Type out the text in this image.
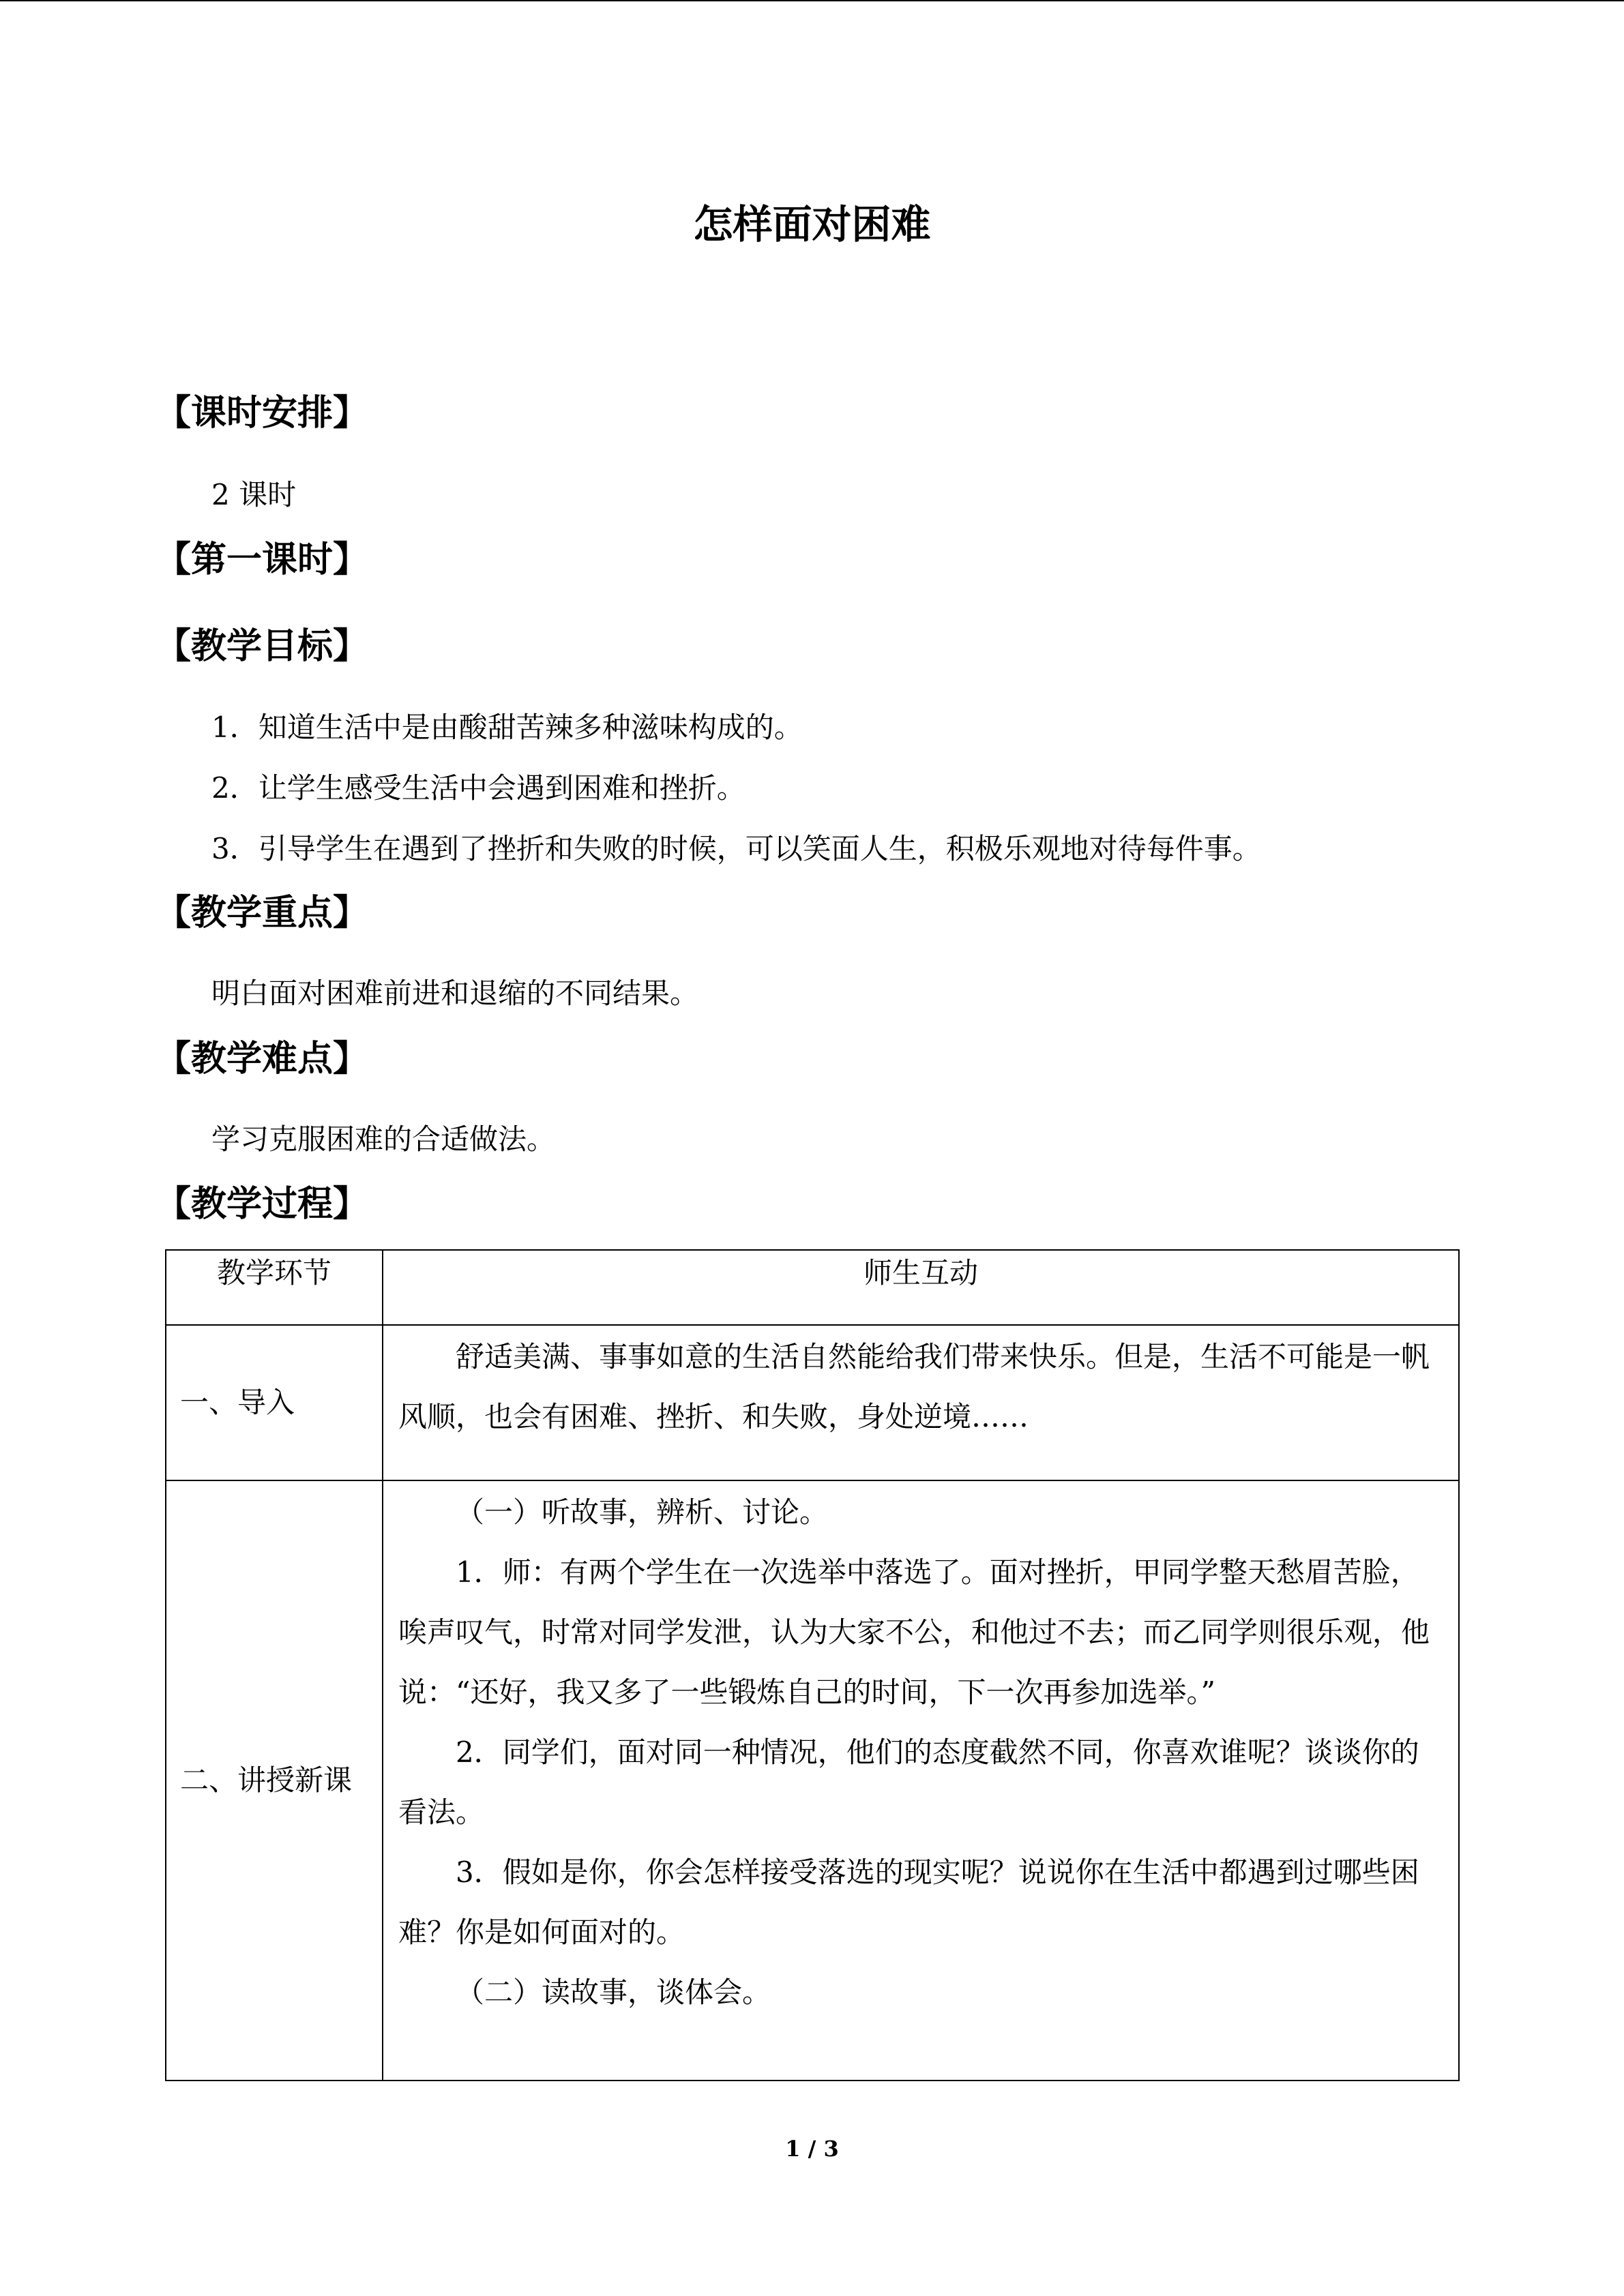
怎样面对困难
【课时安排】
2 课时
【第一课时】
【教学目标】
1．知道生活中是由酸甜苦辣多种滋味构成的。
2．让学生感受生活中会遇到困难和挫折。
3．引导学生在遇到了挫折和失败的时候，可以笑面人生，积极乐观地对待每件事。
【教学重点】
明白面对困难前进和退缩的不同结果。
【教学难点】
学习克服困难的合适做法。
【教学过程】
教学环节	师生互动
一、导入	舒适美满、事事如意的生活自然能给我们带来快乐。但是，生活不可能是一帆风顺，也会有困难、挫折、和失败，身处逆境……

二、讲授新课	（一）听故事，辨析、讨论。

1．师：有两个学生在一次选举中落选了。面对挫折，甲同学整天愁眉苦脸，唉声叹气，时常对同学发泄，认为大家不公，和他过不去；而乙同学则很乐观，他说：“还好，我又多了一些锻炼自己的时间，下一次再参加选举。”

2．同学们，面对同一种情况，他们的态度截然不同，你喜欢谁呢？谈谈你的看法。

3．假如是你，你会怎样接受落选的现实呢？说说你在生活中都遇到过哪些困难？你是如何面对的。

（二）读故事，谈体会。

1 / 3
